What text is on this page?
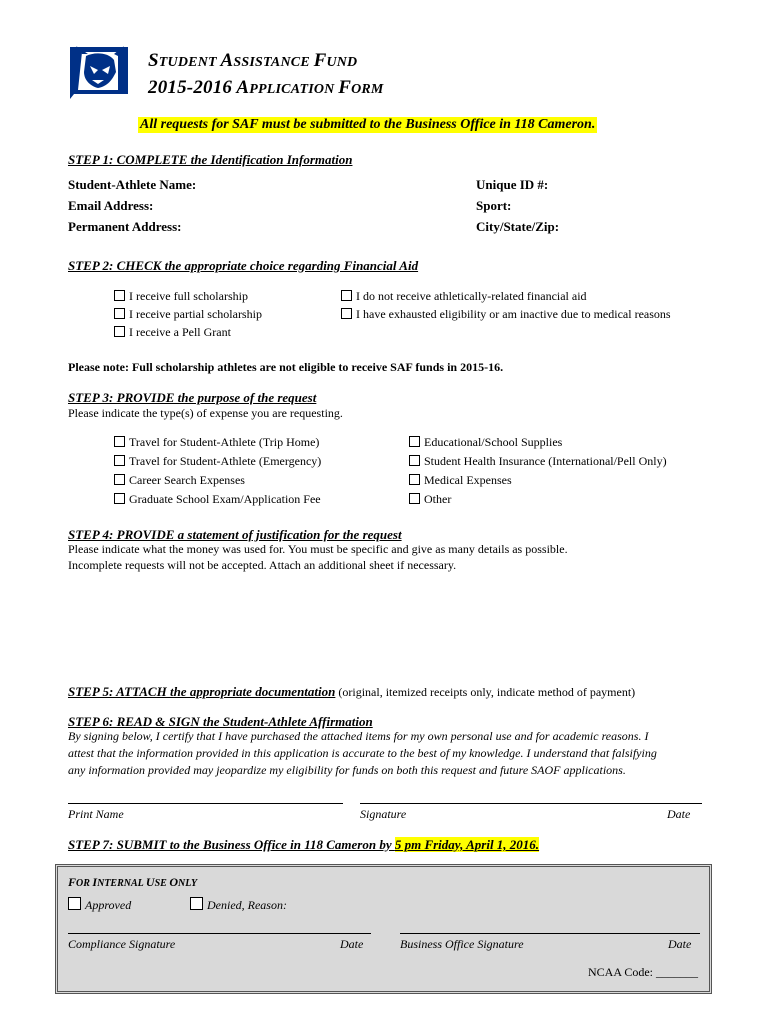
STUDENT ASSISTANCE FUND
2015-2016 APPLICATION FORM
All requests for SAF must be submitted to the Business Office in 118 Cameron.
STEP 1: COMPLETE the Identification Information
Student-Athlete Name:
Email Address:
Permanent Address:
Unique ID #:
Sport:
City/State/Zip:
STEP 2: CHECK the appropriate choice regarding Financial Aid
I receive full scholarship
I receive partial scholarship
I receive a Pell Grant
I do not receive athletically-related financial aid
I have exhausted eligibility or am inactive due to medical reasons
Please note: Full scholarship athletes are not eligible to receive SAF funds in 2015-16.
STEP 3: PROVIDE the purpose of the request
Please indicate the type(s) of expense you are requesting.
Travel for Student-Athlete (Trip Home)
Travel for Student-Athlete (Emergency)
Career Search Expenses
Graduate School Exam/Application Fee
Educational/School Supplies
Student Health Insurance (International/Pell Only)
Medical Expenses
Other
STEP 4: PROVIDE a statement of justification for the request
Please indicate what the money was used for. You must be specific and give as many details as possible.
Incomplete requests will not be accepted. Attach an additional sheet if necessary.
STEP 5: ATTACH the appropriate documentation (original, itemized receipts only, indicate method of payment)
STEP 6: READ & SIGN the Student-Athlete Affirmation
By signing below, I certify that I have purchased the attached items for my own personal use and for academic reasons. I
attest that the information provided in this application is accurate to the best of my knowledge. I understand that falsifying
any information provided may jeopardize my eligibility for funds on both this request and future SAOF applications.
Print Name	Signature	Date
STEP 7: SUBMIT to the Business Office in 118 Cameron by 5 pm Friday, April 1, 2016.
FOR INTERNAL USE ONLY
Approved	Denied, Reason:
Compliance Signature	Date	Business Office Signature	Date
NCAA Code: _______
